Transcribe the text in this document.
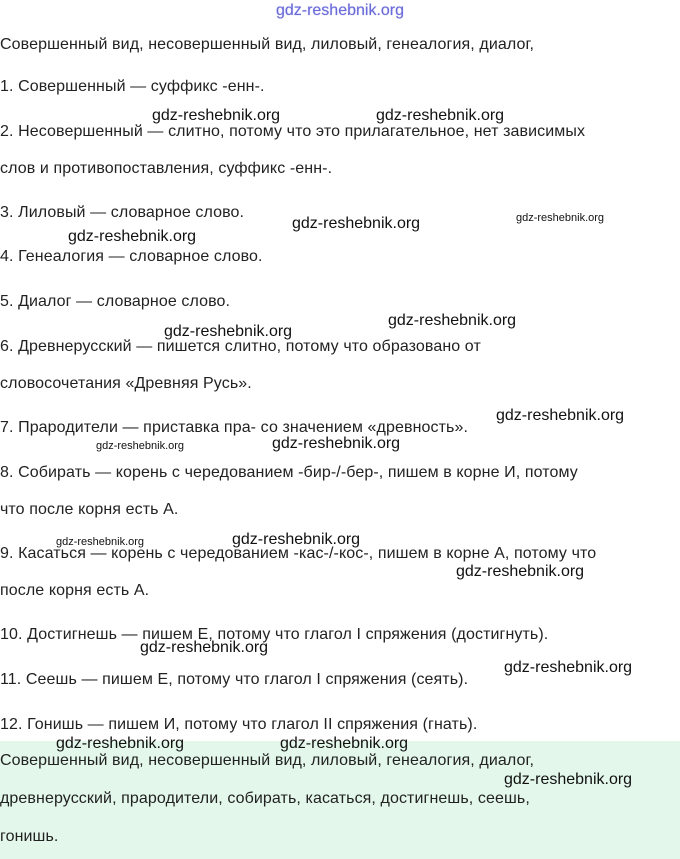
gdz-reshebnik.org
Совершенный вид, несовершенный вид, лиловый, генеалогия, диалог,
1. Совершенный — суффикс -енн-.
2. Несовершенный — слитно, потому что это прилагательное, нет зависимых
слов и противопоставления, суффикс -енн-.
3. Лиловый — словарное слово.
4. Генеалогия — словарное слово.
5. Диалог — словарное слово.
6. Древнерусский — пишется слитно, потому что образовано от
словосочетания «Древняя Русь».
7. Прародители — приставка пра- со значением «древность».
8. Собирать — корень с чередованием -бир-/-бер-, пишем в корне И, потому
что после корня есть А.
9. Касаться — корень с чередованием -кас-/-кос-, пишем в корне А, потому что
после корня есть А.
10. Достигнешь — пишем Е, потому что глагол I спряжения (достигнуть).
11. Сеешь — пишем Е, потому что глагол I спряжения (сеять).
12. Гонишь — пишем И, потому что глагол II спряжения (гнать).
Совершенный вид, несовершенный вид, лиловый, генеалогия, диалог,
древнерусский, прародители, собирать, касаться, достигнешь, сеешь,
гонишь.
gdz-reshebnik.org	gdz-reshebnik.org
gdz-reshebnik.org	gdz-reshebnik.org
gdz-reshebnik.org
gdz-reshebnik.org
gdz-reshebnik.org
gdz-reshebnik.org
gdz-reshebnik.org	gdz-reshebnik.org
gdz-reshebnik.org	gdz-reshebnik.org
gdz-reshebnik.org
gdz-reshebnik.org
gdz-reshebnik.org
gdz-reshebnik.org	gdz-reshebnik.org
gdz-reshebnik.org
